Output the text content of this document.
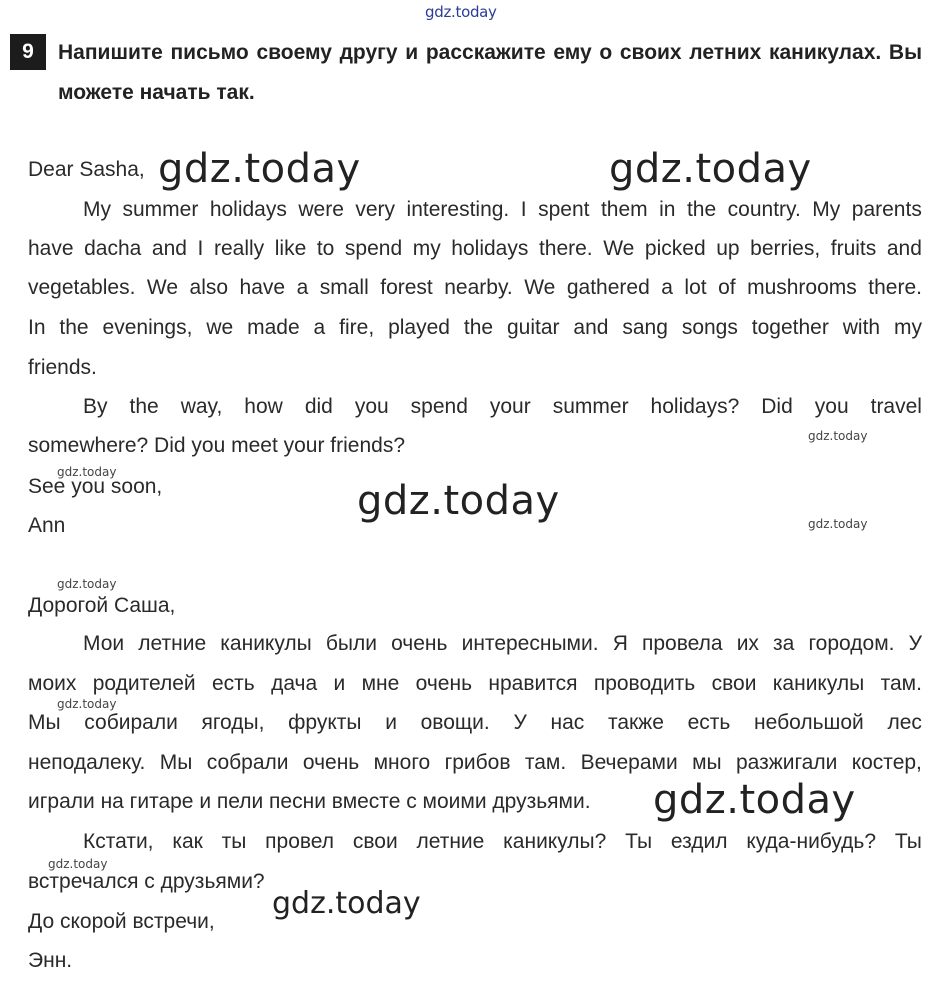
gdz.today
gdz.today	gdz.today
gdz.today
gdz.today
gdz.today
gdz.today
gdz.today
gdz.today
gdz.today
gdz.today
gdz.today
9	Напишите письмо своему другу и расскажите ему о своих летних каникулах. Вы можете начать так.
Dear Sasha,
My summer holidays were very interesting. I spent them in the country. My parents
have dacha and I really like to spend my holidays there. We picked up berries, fruits and
vegetables. We also have a small forest nearby. We gathered a lot of mushrooms there.
In the evenings, we made a fire, played the guitar and sang songs together with my
friends.
By the way, how did you spend your summer holidays? Did you travel
somewhere? Did you meet your friends?
See you soon,
Ann
Дорогой Саша,
Мои летние каникулы были очень интересными. Я провела их за городом. У
моих родителей есть дача и мне очень нравится проводить свои каникулы там.
Мы собирали ягоды, фрукты и овощи. У нас также есть небольшой лес
неподалеку. Мы собрали очень много грибов там. Вечерами мы разжигали костер,
играли на гитаре и пели песни вместе с моими друзьями.
Кстати, как ты провел свои летние каникулы? Ты ездил куда-нибудь? Ты
встречался с друзьями?
До скорой встречи,
Энн.
